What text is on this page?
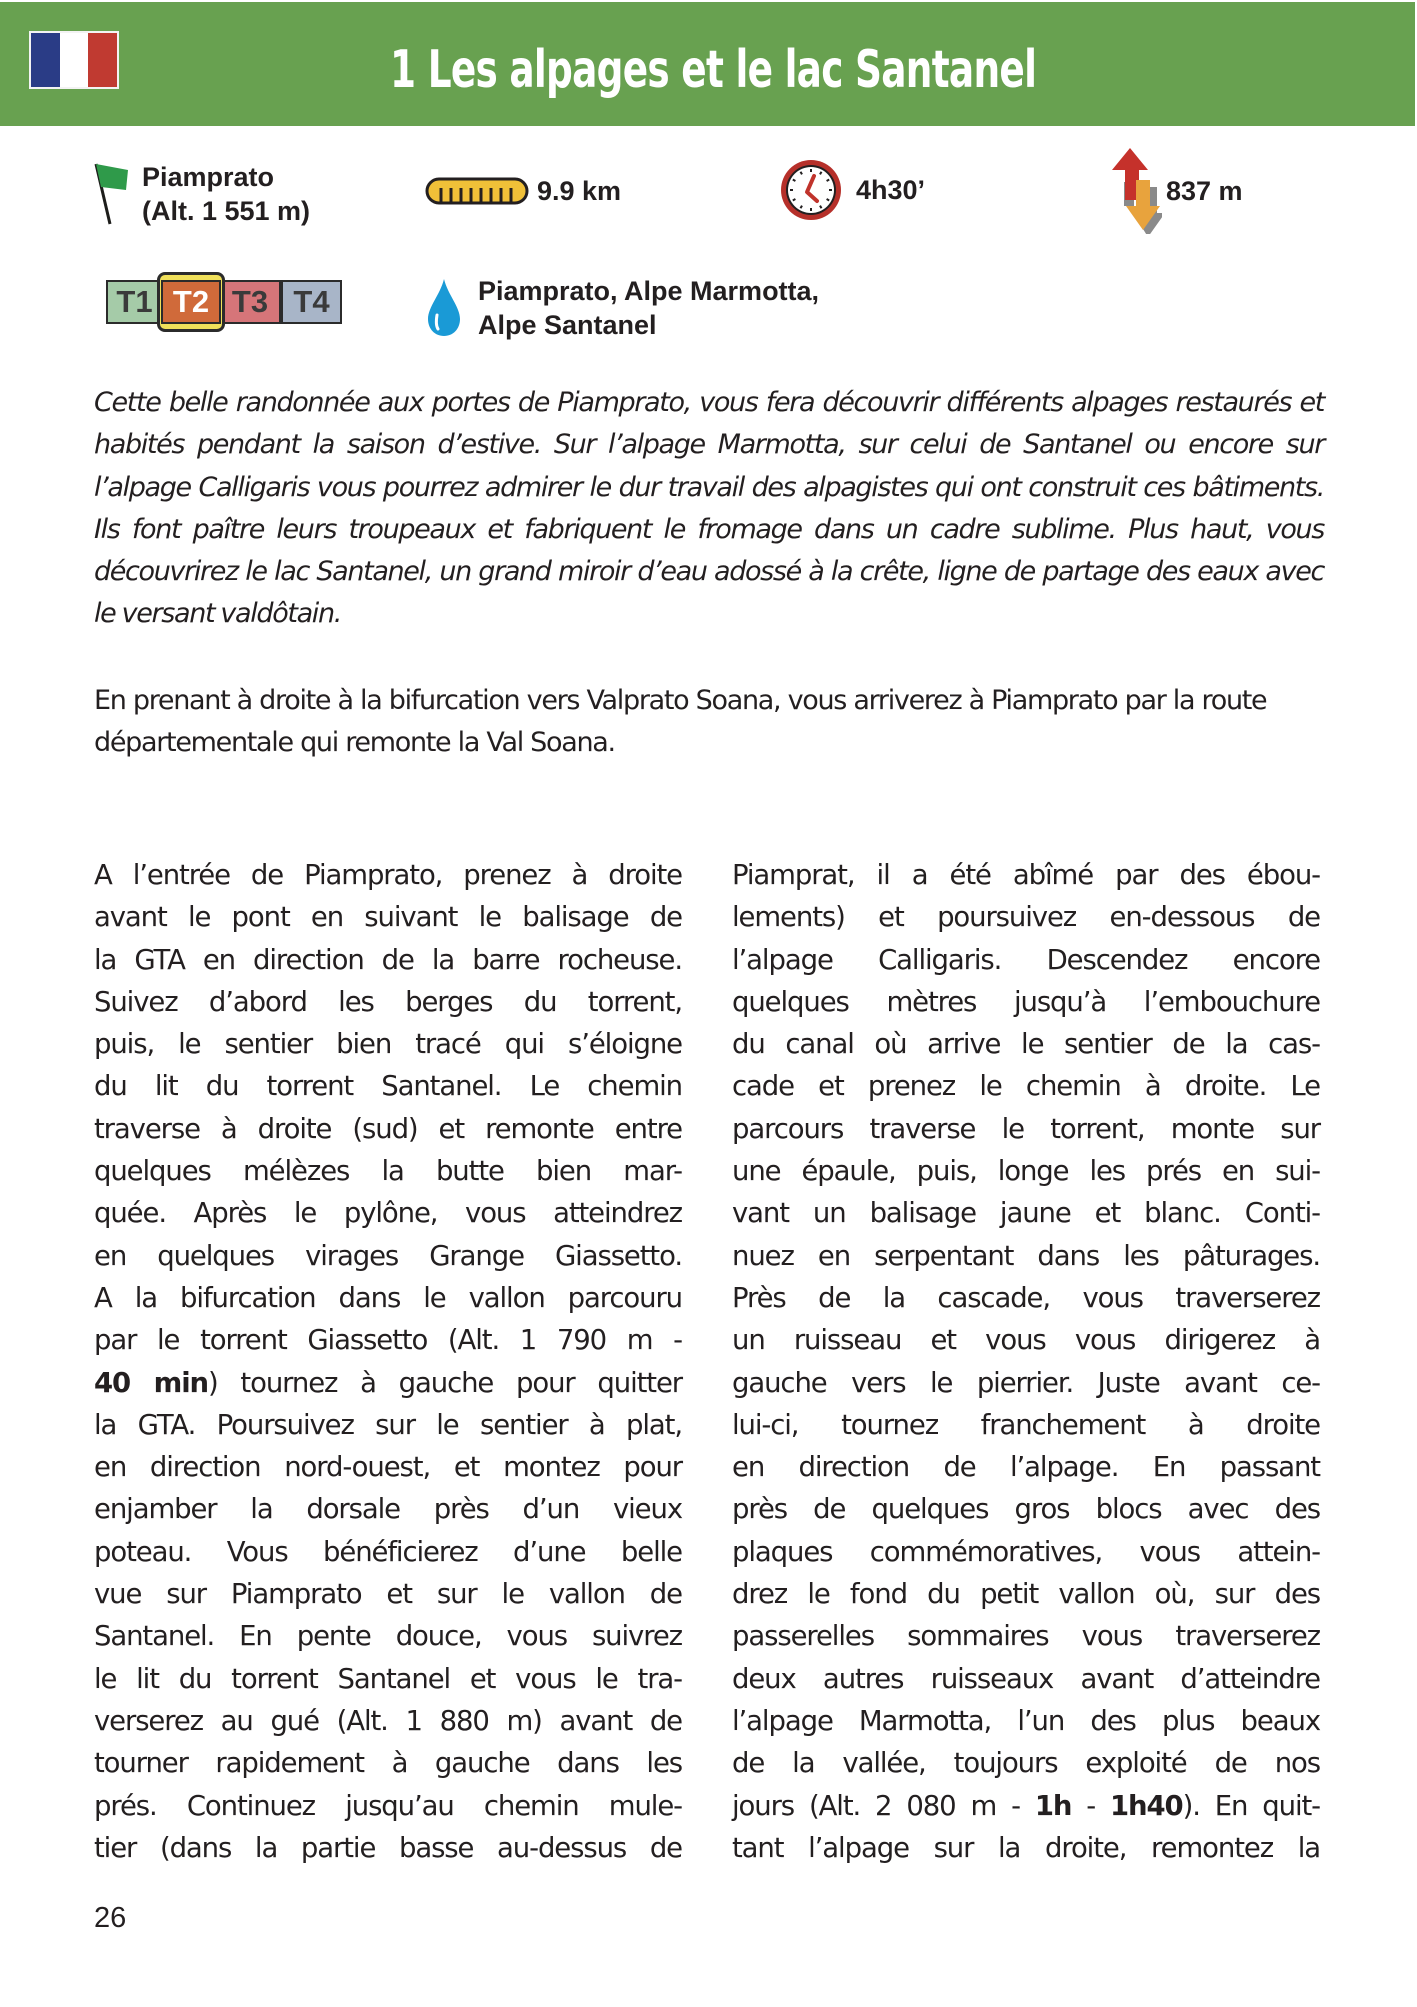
1 Les alpages et le lac Santanel
Piamprato
(Alt. 1 551 m)
9.9 km	4h30’	837 m
T1 T2 T3 T4	Piamprato, Alpe Marmotta,
Alpe Santanel

Cette belle randonnée aux portes de Piamprato, vous fera découvrir différents alpages restaurés et habités pendant la saison d’estive. Sur l’alpage Marmotta, sur celui de Santanel ou encore sur l’alpage Calligaris vous pourrez admirer le dur travail des alpagistes qui ont construit ces bâtiments. Ils font paître leurs troupeaux et fabriquent le fromage dans un cadre sublime. Plus haut, vous découvrirez le lac Santanel, un grand miroir d’eau adossé à la crête, ligne de partage des eaux avec le versant valdôtain.

En prenant à droite à la bifurcation vers Valprato Soana, vous arriverez à Piamprato par la route départementale qui remonte la Val Soana.

A l’entrée de Piamprato, prenez à droite
avant le pont en suivant le balisage de
la GTA en direction de la barre rocheuse.
Suivez d’abord les berges du torrent,
puis, le sentier bien tracé qui s’éloigne
du lit du torrent Santanel. Le chemin
traverse à droite (sud) et remonte entre
quelques mélèzes la butte bien mar-
quée. Après le pylône, vous atteindrez
en quelques virages Grange Giassetto.
A la bifurcation dans le vallon parcouru
par le torrent Giassetto (Alt. 1 790 m -
40 min) tournez à gauche pour quitter
la GTA. Poursuivez sur le sentier à plat,
en direction nord-ouest, et montez pour
enjamber la dorsale près d’un vieux
poteau. Vous bénéficierez d’une belle
vue sur Piamprato et sur le vallon de
Santanel. En pente douce, vous suivrez
le lit du torrent Santanel et vous le tra-
verserez au gué (Alt. 1 880 m) avant de
tourner rapidement à gauche dans les
prés. Continuez jusqu’au chemin mule-
tier (dans la partie basse au-dessus de
Piamprat, il a été abîmé par des ébou-
lements) et poursuivez en-dessous de
l’alpage Calligaris. Descendez encore
quelques mètres jusqu’à l’embouchure
du canal où arrive le sentier de la cas-
cade et prenez le chemin à droite. Le
parcours traverse le torrent, monte sur
une épaule, puis, longe les prés en sui-
vant un balisage jaune et blanc. Conti-
nuez en serpentant dans les pâturages.
Près de la cascade, vous traverserez
un ruisseau et vous vous dirigerez à
gauche vers le pierrier. Juste avant ce-
lui-ci, tournez franchement à droite
en direction de l’alpage. En passant
près de quelques gros blocs avec des
plaques commémoratives, vous attein-
drez le fond du petit vallon où, sur des
passerelles sommaires vous traverserez
deux autres ruisseaux avant d’atteindre
l’alpage Marmotta, l’un des plus beaux
de la vallée, toujours exploité de nos
jours (Alt. 2 080 m - 1h - 1h40). En quit-
tant l’alpage sur la droite, remontez la
26
